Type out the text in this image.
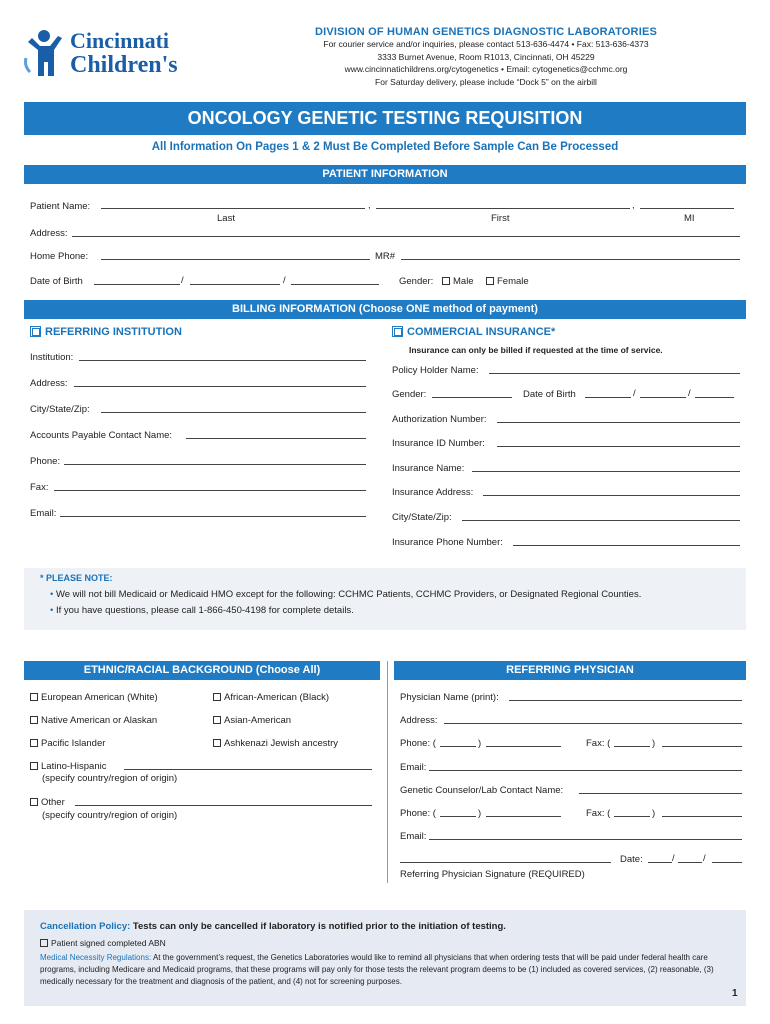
Cincinnati
Children's
DIVISION OF HUMAN GENETICS DIAGNOSTIC LABORATORIES
For courier service and/or inquiries, please contact 513-636-4474 • Fax: 513-636-4373
3333 Burnet Avenue, Room R1013, Cincinnati, OH 45229
www.cincinnatichildrens.org/cytogenetics • Email: cytogenetics@cchmc.org
For Saturday delivery, please include “Dock 5” on the airbill
ONCOLOGY GENETIC TESTING REQUISITION
All Information On Pages 1 & 2 Must Be Completed Before Sample Can Be Processed
PATIENT INFORMATION
Patient Name:	,	,
Last	First	MI
Address:
Home Phone:	MR#
Date of Birth	/	/	Gender:	Male	Female
BILLING INFORMATION (Choose ONE method of payment)
REFERRING INSTITUTION
Institution:
Address:
City/State/Zip:
Accounts Payable Contact Name:
Phone:
Fax:
Email:
COMMERCIAL INSURANCE*
Insurance can only be billed if requested at the time of service.
Policy Holder Name:
Gender:	Date of Birth	/	/
Authorization Number:
Insurance ID Number:
Insurance Name:
Insurance Address:
City/State/Zip:
Insurance Phone Number:
* PLEASE NOTE:
• We will not bill Medicaid or Medicaid HMO except for the following: CCHMC Patients, CCHMC Providers, or Designated Regional Counties.
• If you have questions, please call 1-866-450-4198 for complete details.
ETHNIC/RACIAL BACKGROUND (Choose All)
European American (White)	African-American (Black)
Native American or Alaskan	Asian-American
Pacific Islander	Ashkenazi Jewish ancestry
Latino-Hispanic
(specify country/region of origin)
Other
(specify country/region of origin)
REFERRING PHYSICIAN
Physician Name (print):
Address:
Phone: (	)	Fax: (	)
Email:
Genetic Counselor/Lab Contact Name:
Phone: (	)	Fax: (	)
Email:
Date:	/	/
Referring Physician Signature (REQUIRED)
Cancellation Policy: Tests can only be cancelled if laboratory is notified prior to the initiation of testing.
Patient signed completed ABN
Medical Necessity Regulations: At the government’s request, the Genetics Laboratories would like to remind all physicians that when ordering tests that will be paid under federal health care programs, including Medicare and Medicaid programs, that these programs will pay only for those tests the relevant program deems to be (1) included as covered services, (2) reasonable, (3) medically necessary for the treatment and diagnosis of the patient, and (4) not for screening purposes.
1
